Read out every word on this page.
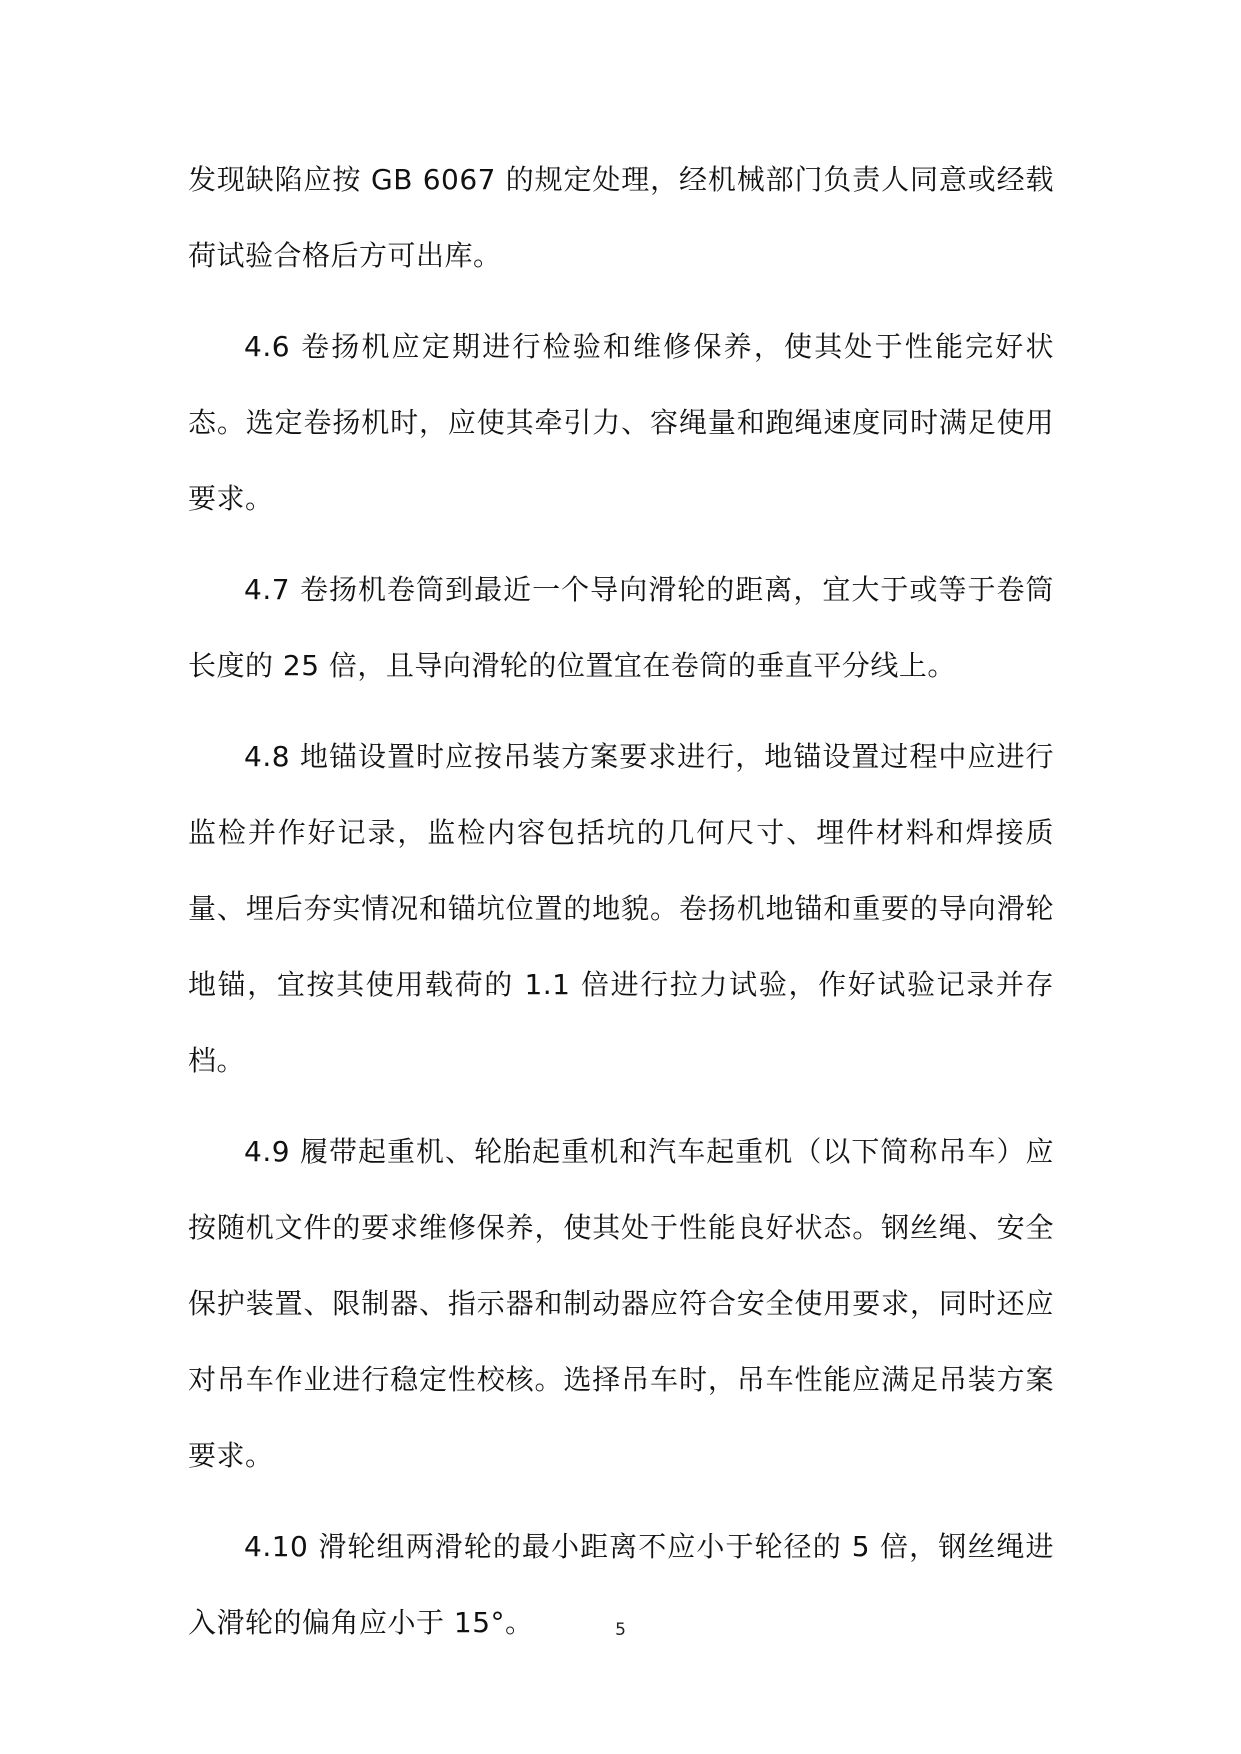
发现缺陷应按 GB 6067 的规定处理，经机械部门负责人同意或经载荷试验合格后方可出库。

4.6 卷扬机应定期进行检验和维修保养，使其处于性能完好状态。选定卷扬机时，应使其牵引力、容绳量和跑绳速度同时满足使用要求。

4.7 卷扬机卷筒到最近一个导向滑轮的距离，宜大于或等于卷筒长度的 25 倍，且导向滑轮的位置宜在卷筒的垂直平分线上。

4.8 地锚设置时应按吊装方案要求进行，地锚设置过程中应进行监检并作好记录，监检内容包括坑的几何尺寸、埋件材料和焊接质量、埋后夯实情况和锚坑位置的地貌。卷扬机地锚和重要的导向滑轮地锚，宜按其使用载荷的 1.1 倍进行拉力试验，作好试验记录并存档。

4.9 履带起重机、轮胎起重机和汽车起重机（以下简称吊车）应按随机文件的要求维修保养，使其处于性能良好状态。钢丝绳、安全保护装置、限制器、指示器和制动器应符合安全使用要求，同时还应对吊车作业进行稳定性校核。选择吊车时，吊车性能应满足吊装方案要求。

4.10 滑轮组两滑轮的最小距离不应小于轮径的 5 倍，钢丝绳进入滑轮的偏角应小于 15°。	5
